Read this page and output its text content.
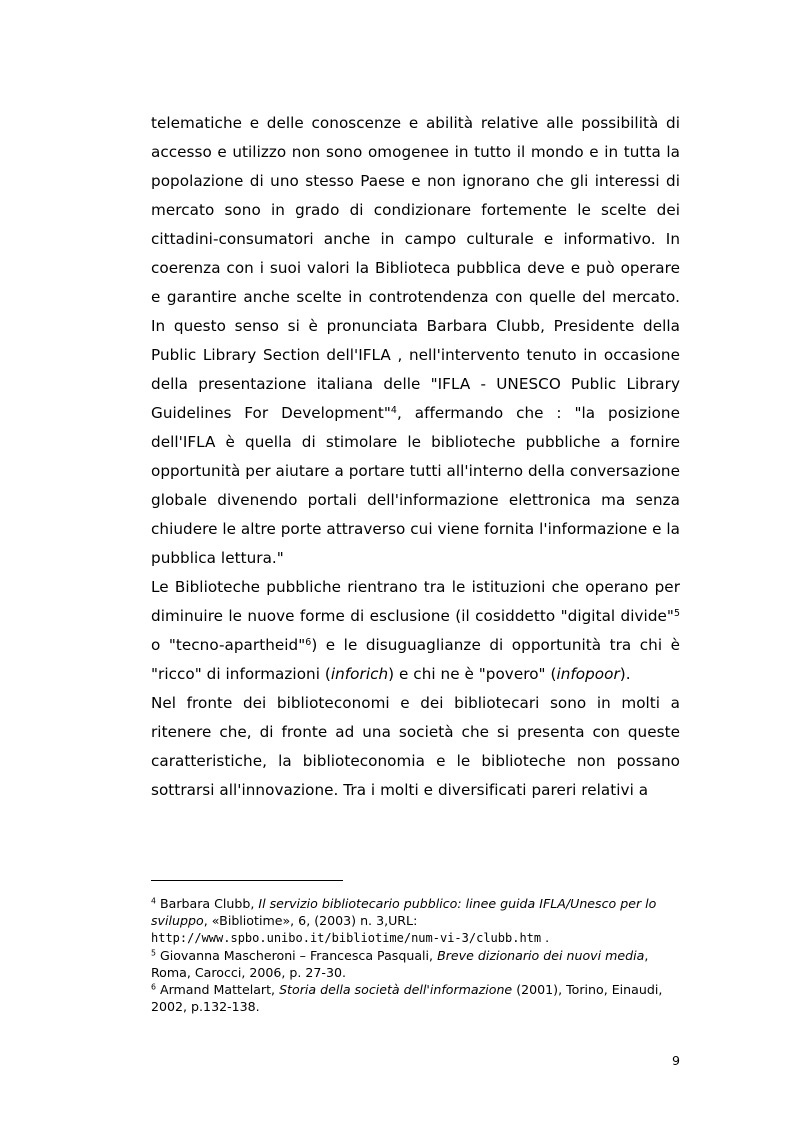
telematiche e delle conoscenze e abilità relative alle possibilità di accesso e utilizzo non sono omogenee in tutto il mondo e in tutta la popolazione di uno stesso Paese e non ignorano che gli interessi di mercato sono in grado di condizionare fortemente le scelte dei cittadini-consumatori anche in campo culturale e informativo. In coerenza con i suoi valori la Biblioteca pubblica deve e può operare e garantire anche scelte in controtendenza con quelle del mercato. In questo senso si è pronunciata Barbara Clubb, Presidente della Public Library Section dell'IFLA , nell'intervento tenuto in occasione della presentazione italiana delle "IFLA - UNESCO Public Library Guidelines For Development"$^4$, affermando che : "la posizione dell'IFLA è quella di stimolare le biblioteche pubbliche a fornire opportunità per aiutare a portare tutti all'interno della conversazione globale divenendo portali dell'informazione elettronica ma senza chiudere le altre porte attraverso cui viene fornita l'informazione e la pubblica lettura."

Le Biblioteche pubbliche rientrano tra le istituzioni che operano per diminuire le nuove forme di esclusione (il cosiddetto "digital divide"$^5$ o "tecno-apartheid"$^6$) e le disuguaglianze di opportunità tra chi è "ricco" di informazioni (inforich) e chi ne è "povero" (infopoor).

Nel fronte dei biblioteconomi e dei bibliotecari sono in molti a ritenere che, di fronte ad una società che si presenta con queste caratteristiche, la biblioteconomia e le biblioteche non possano sottrarsi all'innovazione. Tra i molti e diversificati pareri relativi a

$^4$ Barbara Clubb, Il servizio bibliotecario pubblico: linee guida IFLA/Unesco per lo sviluppo, «Bibliotime», 6, (2003) n. 3,URL:
http://www.spbo.unibo.it/bibliotime/num-vi-3/clubb.htm .

$^5$ Giovanna Mascheroni – Francesca Pasquali, Breve dizionario dei nuovi media, Roma, Carocci, 2006, p. 27-30.

$^6$ Armand Mattelart, Storia della società dell'informazione (2001), Torino, Einaudi, 2002, p.132-138.

9
